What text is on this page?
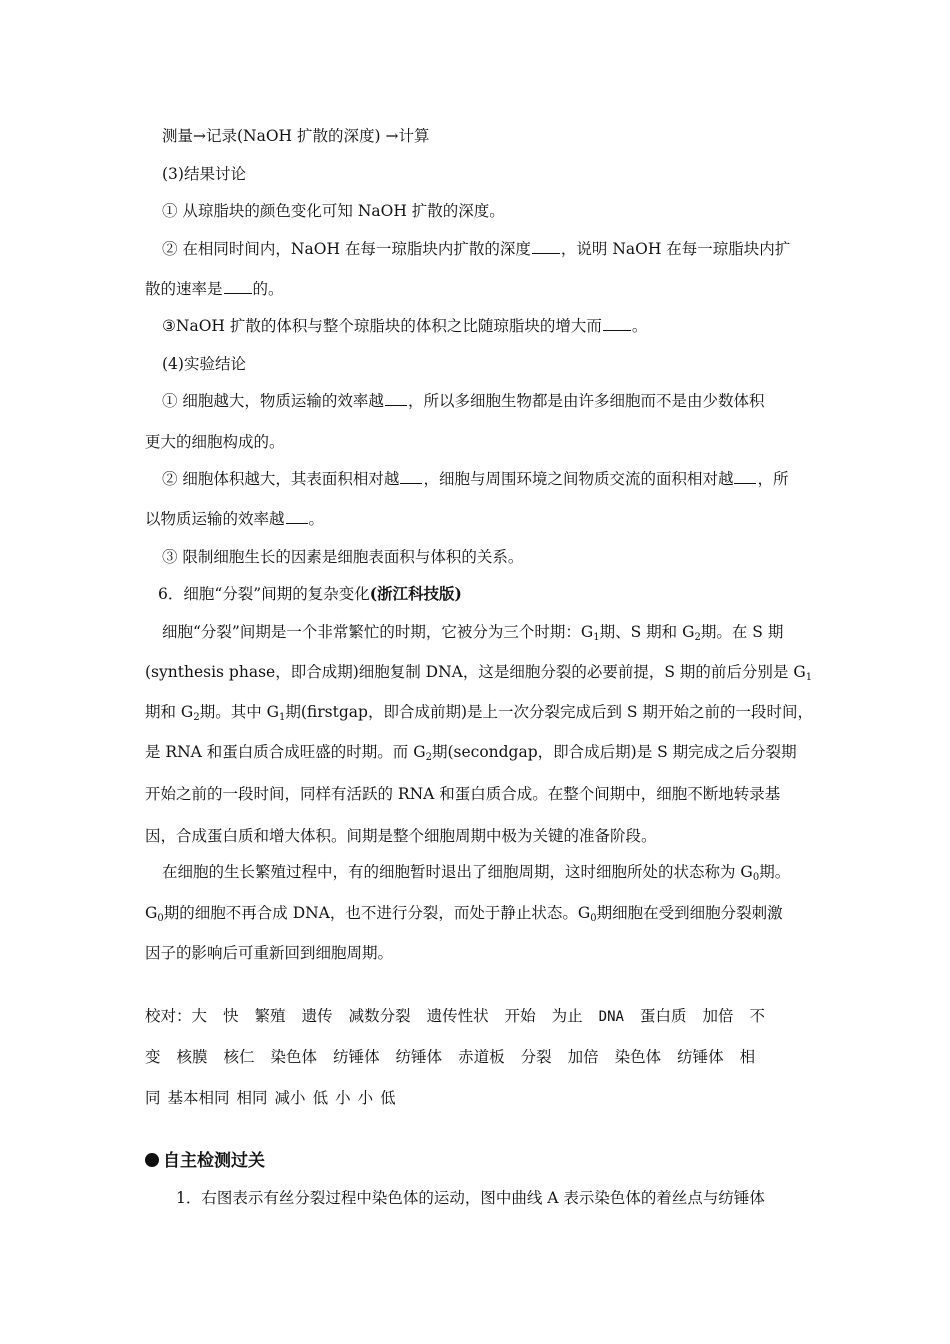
测量→记录(NaOH 扩散的深度) →计算
(3)结果讨论
① 从琼脂块的颜色变化可知 NaOH 扩散的深度。
② 在相同时间内，NaOH 在每一琼脂块内扩散的深度 ，说明 NaOH 在每一琼脂块内扩
散的速率是 的。
③NaOH 扩散的体积与整个琼脂块的体积之比随琼脂块的增大而 。
(4)实验结论
① 细胞越大，物质运输的效率越 ，所以多细胞生物都是由许多细胞而不是由少数体积
更大的细胞构成的。
② 细胞体积越大，其表面积相对越 ，细胞与周围环境之间物质交流的面积相对越 ，所
以物质运输的效率越 。
③ 限制细胞生长的因素是细胞表面积与体积的关系。
6．细胞“分裂”间期的复杂变化(浙江科技版)
细胞“分裂”间期是一个非常繁忙的时期，它被分为三个时期：$G_1$期、S 期和 $G_2$期。在 S 期
(synthesis phase，即合成期)细胞复制 DNA，这是细胞分裂的必要前提，S 期的前后分别是 $G_1$
期和 $G_2$期。其中 $G_1$期(firstgap，即合成前期)是上一次分裂完成后到 S 期开始之前的一段时间，
是 RNA 和蛋白质合成旺盛的时期。而 $G_2$期(secondgap，即合成后期)是 S 期完成之后分裂期
开始之前的一段时间，同样有活跃的 RNA 和蛋白质合成。在整个间期中，细胞不断地转录基
因，合成蛋白质和增大体积。间期是整个细胞周期中极为关键的准备阶段。
在细胞的生长繁殖过程中，有的细胞暂时退出了细胞周期，这时细胞所处的状态称为 $G_0$期。
$G_0$期的细胞不再合成 DNA，也不进行分裂，而处于静止状态。$G_0$期细胞在受到细胞分裂刺激
因子的影响后可重新回到细胞周期。
校对：大 快 繁殖 遗传 减数分裂 遗传性状 开始 为止 DNA 蛋白质 加倍 不
变 核膜 核仁 染色体 纺锤体 纺锤体 赤道板 分裂 加倍 染色体 纺锤体 相
同 基本相同 相同 减小 低 小 小 低
自主检测过关
1．右图表示有丝分裂过程中染色体的运动，图中曲线 A 表示染色体的着丝点与纺锤体
